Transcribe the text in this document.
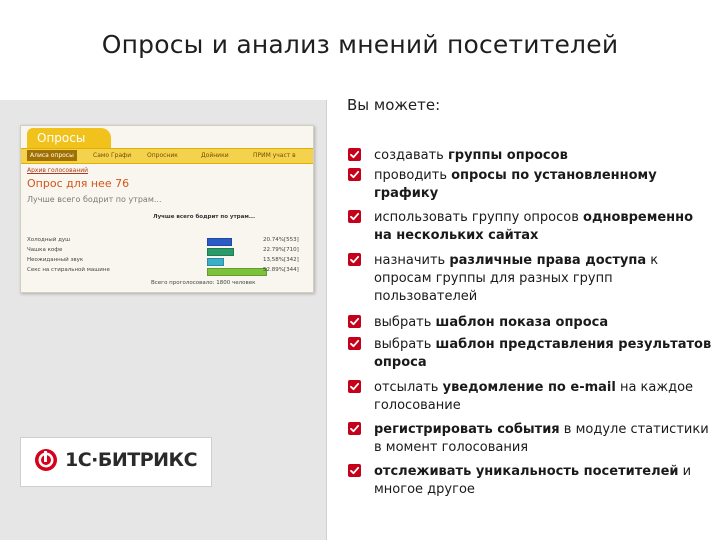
Опросы и анализ мнений посетителей
Опросы
Алиса опросы	Само Графи	Опросник	Дойники	ПРИМ участ в
Архив голосований
Опрос для нее 76
Лучше всего бодрит по утрам...
Лучше всего бодрит по утрам...
Холодный душ	20.74%[553]
Чашка кофе	22.79%[710]
Неожиданный звук	13,58%[342]
Секс на стиральной машине	52.89%[344]
Всего проголосовало: 1800 человек
1С·БИТРИКС
Вы можете:
создавать группы опросов
проводить опросы по установленному графику
использовать группу опросов одновременно на нескольких сайтах
назначить различные права доступа к опросам группы для разных групп пользователей
выбрать шаблон показа опроса
выбрать шаблон представления результатов опроса
отсылать уведомление по e-mail на каждое голосование
регистрировать события в модуле статистики в момент голосования
отслеживать уникальность посетителей и многое другое
